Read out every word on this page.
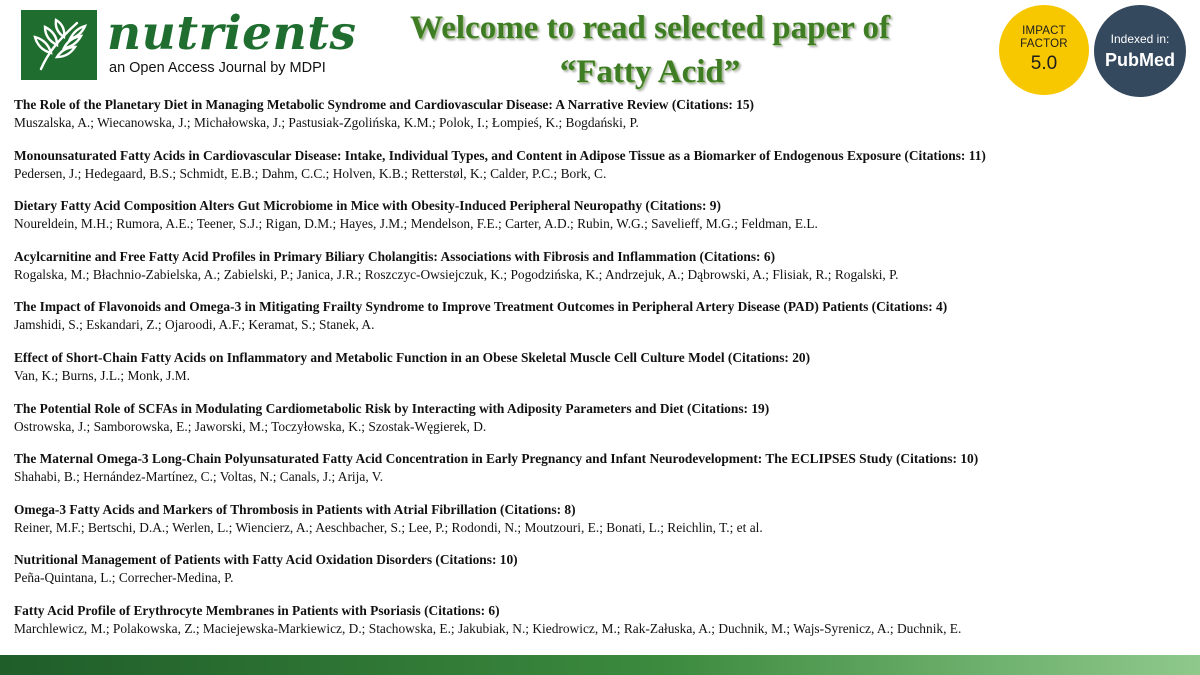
nutrients
an Open Access Journal by MDPI
Welcome to read selected paper of
“Fatty Acid”
IMPACT
FACTOR
5.0
Indexed in:
PubMed
The Role of the Planetary Diet in Managing Metabolic Syndrome and Cardiovascular Disease: A Narrative Review (Citations: 15)
Muszalska, A.; Wiecanowska, J.; Michałowska, J.; Pastusiak-Zgolińska, K.M.; Polok, I.; Łompieś, K.; Bogdański, P.
Monounsaturated Fatty Acids in Cardiovascular Disease: Intake, Individual Types, and Content in Adipose Tissue as a Biomarker of Endogenous Exposure (Citations: 11)
Pedersen, J.; Hedegaard, B.S.; Schmidt, E.B.; Dahm, C.C.; Holven, K.B.; Retterstøl, K.; Calder, P.C.; Bork, C.
Dietary Fatty Acid Composition Alters Gut Microbiome in Mice with Obesity-Induced Peripheral Neuropathy (Citations: 9)
Noureldein, M.H.; Rumora, A.E.; Teener, S.J.; Rigan, D.M.; Hayes, J.M.; Mendelson, F.E.; Carter, A.D.; Rubin, W.G.; Savelieff, M.G.; Feldman, E.L.
Acylcarnitine and Free Fatty Acid Profiles in Primary Biliary Cholangitis: Associations with Fibrosis and Inflammation (Citations: 6)
Rogalska, M.; Błachnio-Zabielska, A.; Zabielski, P.; Janica, J.R.; Roszczyc-Owsiejczuk, K.; Pogodzińska, K.; Andrzejuk, A.; Dąbrowski, A.; Flisiak, R.; Rogalski, P.
The Impact of Flavonoids and Omega-3 in Mitigating Frailty Syndrome to Improve Treatment Outcomes in Peripheral Artery Disease (PAD) Patients (Citations: 4)
Jamshidi, S.; Eskandari, Z.; Ojaroodi, A.F.; Keramat, S.; Stanek, A.
Effect of Short-Chain Fatty Acids on Inflammatory and Metabolic Function in an Obese Skeletal Muscle Cell Culture Model (Citations: 20)
Van, K.; Burns, J.L.; Monk, J.M.
The Potential Role of SCFAs in Modulating Cardiometabolic Risk by Interacting with Adiposity Parameters and Diet (Citations: 19)
Ostrowska, J.; Samborowska, E.; Jaworski, M.; Toczyłowska, K.; Szostak-Węgierek, D.
The Maternal Omega-3 Long-Chain Polyunsaturated Fatty Acid Concentration in Early Pregnancy and Infant Neurodevelopment: The ECLIPSES Study (Citations: 10)
Shahabi, B.; Hernández-Martínez, C.; Voltas, N.; Canals, J.; Arija, V.
Omega-3 Fatty Acids and Markers of Thrombosis in Patients with Atrial Fibrillation (Citations: 8)
Reiner, M.F.; Bertschi, D.A.; Werlen, L.; Wiencierz, A.; Aeschbacher, S.; Lee, P.; Rodondi, N.; Moutzouri, E.; Bonati, L.; Reichlin, T.; et al.
Nutritional Management of Patients with Fatty Acid Oxidation Disorders (Citations: 10)
Peña-Quintana, L.; Correcher-Medina, P.
Fatty Acid Profile of Erythrocyte Membranes in Patients with Psoriasis (Citations: 6)
Marchlewicz, M.; Polakowska, Z.; Maciejewska-Markiewicz, D.; Stachowska, E.; Jakubiak, N.; Kiedrowicz, M.; Rak-Załuska, A.; Duchnik, M.; Wajs-Syrenicz, A.; Duchnik, E.
